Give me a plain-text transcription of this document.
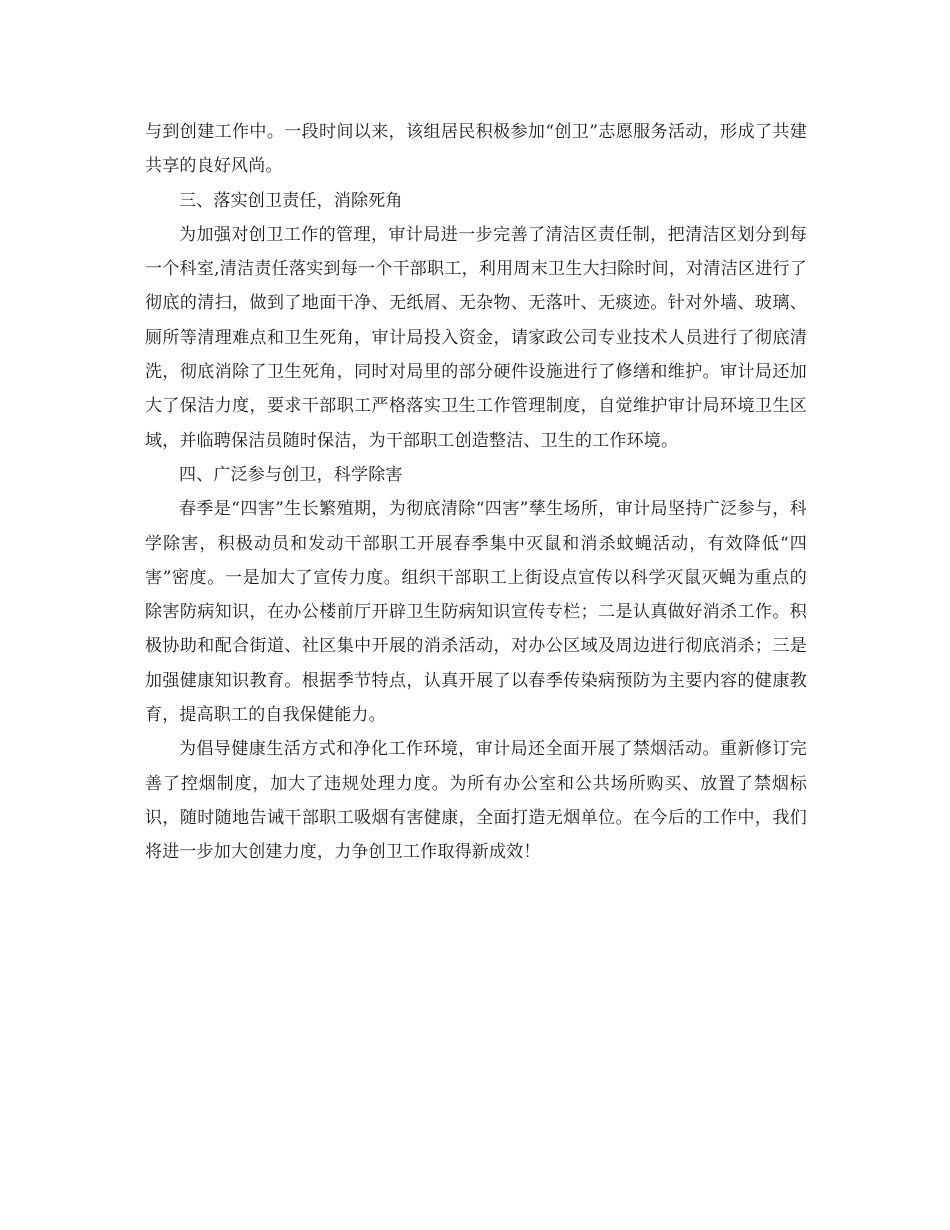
与到创建工作中。一段时间以来，该组居民积极参加“创卫”志愿服务活动，形成了共建共享的良好风尚。

三、落实创卫责任，消除死角

为加强对创卫工作的管理，审计局进一步完善了清洁区责任制，把清洁区划分到每一个科室,清洁责任落实到每一个干部职工，利用周末卫生大扫除时间，对清洁区进行了彻底的清扫，做到了地面干净、无纸屑、无杂物、无落叶、无痰迹。针对外墙、玻璃、厕所等清理难点和卫生死角，审计局投入资金，请家政公司专业技术人员进行了彻底清洗，彻底消除了卫生死角，同时对局里的部分硬件设施进行了修缮和维护。审计局还加大了保洁力度，要求干部职工严格落实卫生工作管理制度，自觉维护审计局环境卫生区域，并临聘保洁员随时保洁，为干部职工创造整洁、卫生的工作环境。

四、广泛参与创卫，科学除害

春季是“四害”生长繁殖期，为彻底清除“四害”孳生场所，审计局坚持广泛参与，科学除害，积极动员和发动干部职工开展春季集中灭鼠和消杀蚊蝇活动，有效降低“四害”密度。一是加大了宣传力度。组织干部职工上街设点宣传以科学灭鼠灭蝇为重点的除害防病知识，在办公楼前厅开辟卫生防病知识宣传专栏；二是认真做好消杀工作。积极协助和配合街道、社区集中开展的消杀活动，对办公区域及周边进行彻底消杀；三是加强健康知识教育。根据季节特点，认真开展了以春季传染病预防为主要内容的健康教育，提高职工的自我保健能力。

为倡导健康生活方式和净化工作环境，审计局还全面开展了禁烟活动。重新修订完善了控烟制度，加大了违规处理力度。为所有办公室和公共场所购买、放置了禁烟标识，随时随地告诫干部职工吸烟有害健康，全面打造无烟单位。在今后的工作中，我们将进一步加大创建力度，力争创卫工作取得新成效！
